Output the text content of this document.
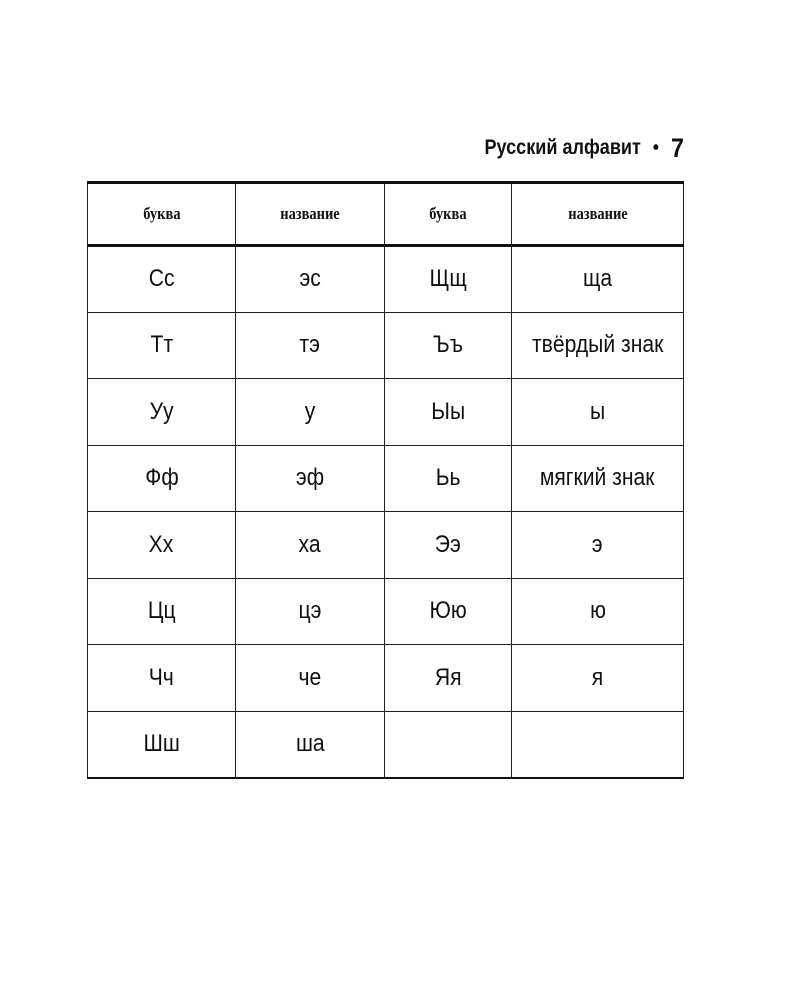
Русский алфавит • 7
буква	название	буква	название
Сс	эс	Щщ	ща
Тт	тэ	Ъъ	твёрдый знак
Уу	у	Ыы	ы
Фф	эф	Ьь	мягкий знак
Хх	ха	Ээ	э
Цц	цэ	Юю	ю
Чч	че	Яя	я
Шш	ша		
